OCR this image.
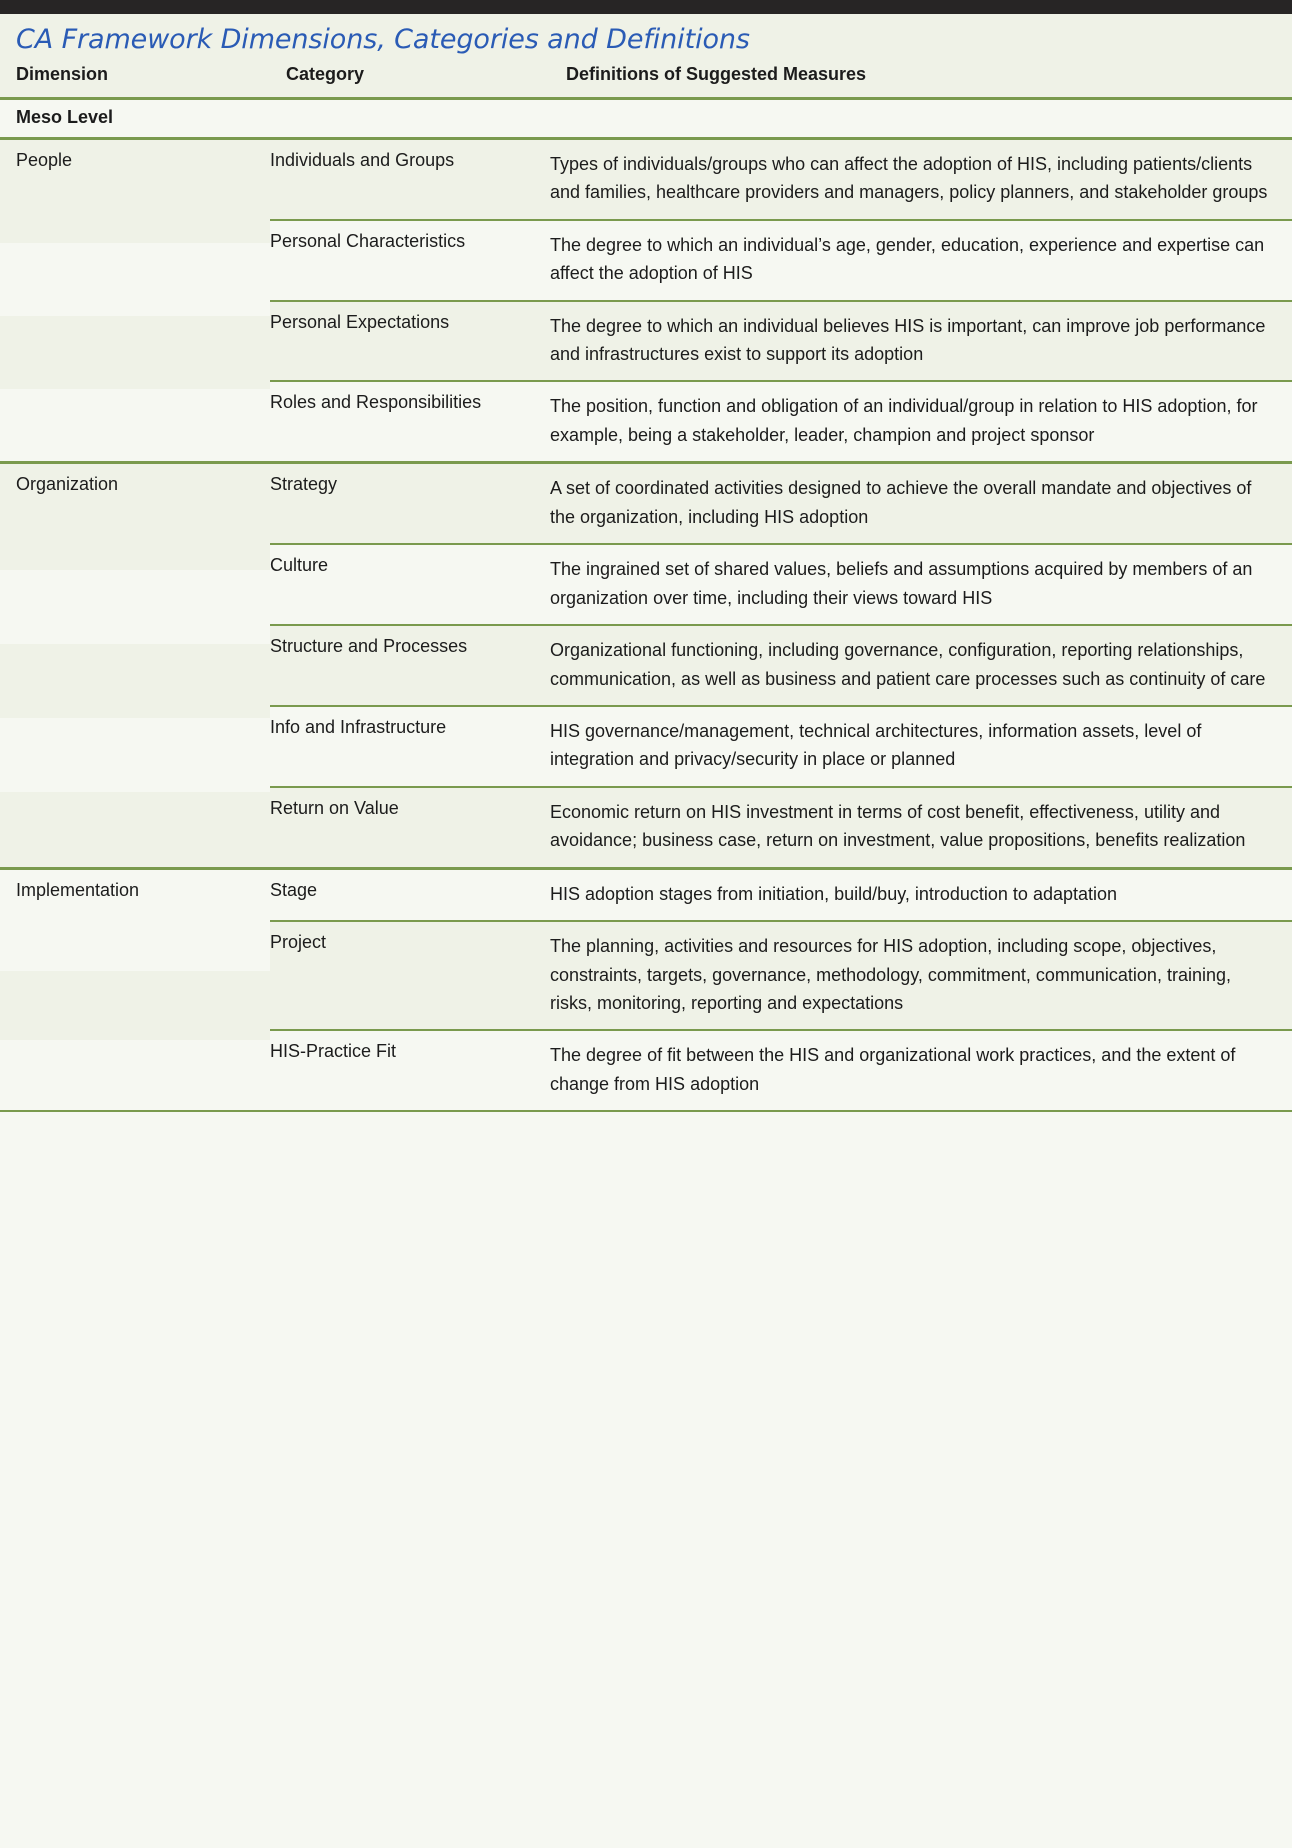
CA Framework Dimensions, Categories and Definitions
Dimension	Category	Definitions of Suggested Measures
Meso Level
People	Individuals and Groups	Types of individuals/groups who can affect the adoption of HIS, including patients/clients and families, healthcare providers and managers, policy planners, and stakeholder groups
Personal Characteristics	The degree to which an individual’s age, gender, education, experience and expertise can affect the adoption of HIS
Personal Expectations	The degree to which an individual believes HIS is important, can improve job performance and infrastructures exist to support its adoption
Roles and Responsibilities	The position, function and obligation of an individual/group in relation to HIS adoption, for example, being a stakeholder, leader, champion and project sponsor
Organization	Strategy	A set of coordinated activities designed to achieve the overall mandate and objectives of the organization, including HIS adoption
Culture	The ingrained set of shared values, beliefs and assumptions acquired by members of an organization over time, including their views toward HIS
Structure and Processes	Organizational functioning, including governance, configuration, reporting relationships, communication, as well as business and patient care processes such as continuity of care
Info and Infrastructure	HIS governance/management, technical architectures, information assets, level of integration and privacy/security in place or planned
Return on Value	Economic return on HIS investment in terms of cost benefit, effectiveness, utility and avoidance; business case, return on investment, value propositions, benefits realization
Implementation	Stage	HIS adoption stages from initiation, build/buy, introduction to adaptation
Project	The planning, activities and resources for HIS adoption, including scope, objectives, constraints, targets, governance, methodology, commitment, communication, training, risks, monitoring, reporting and expectations
HIS-Practice Fit	The degree of fit between the HIS and organizational work practices, and the extent of change from HIS adoption
